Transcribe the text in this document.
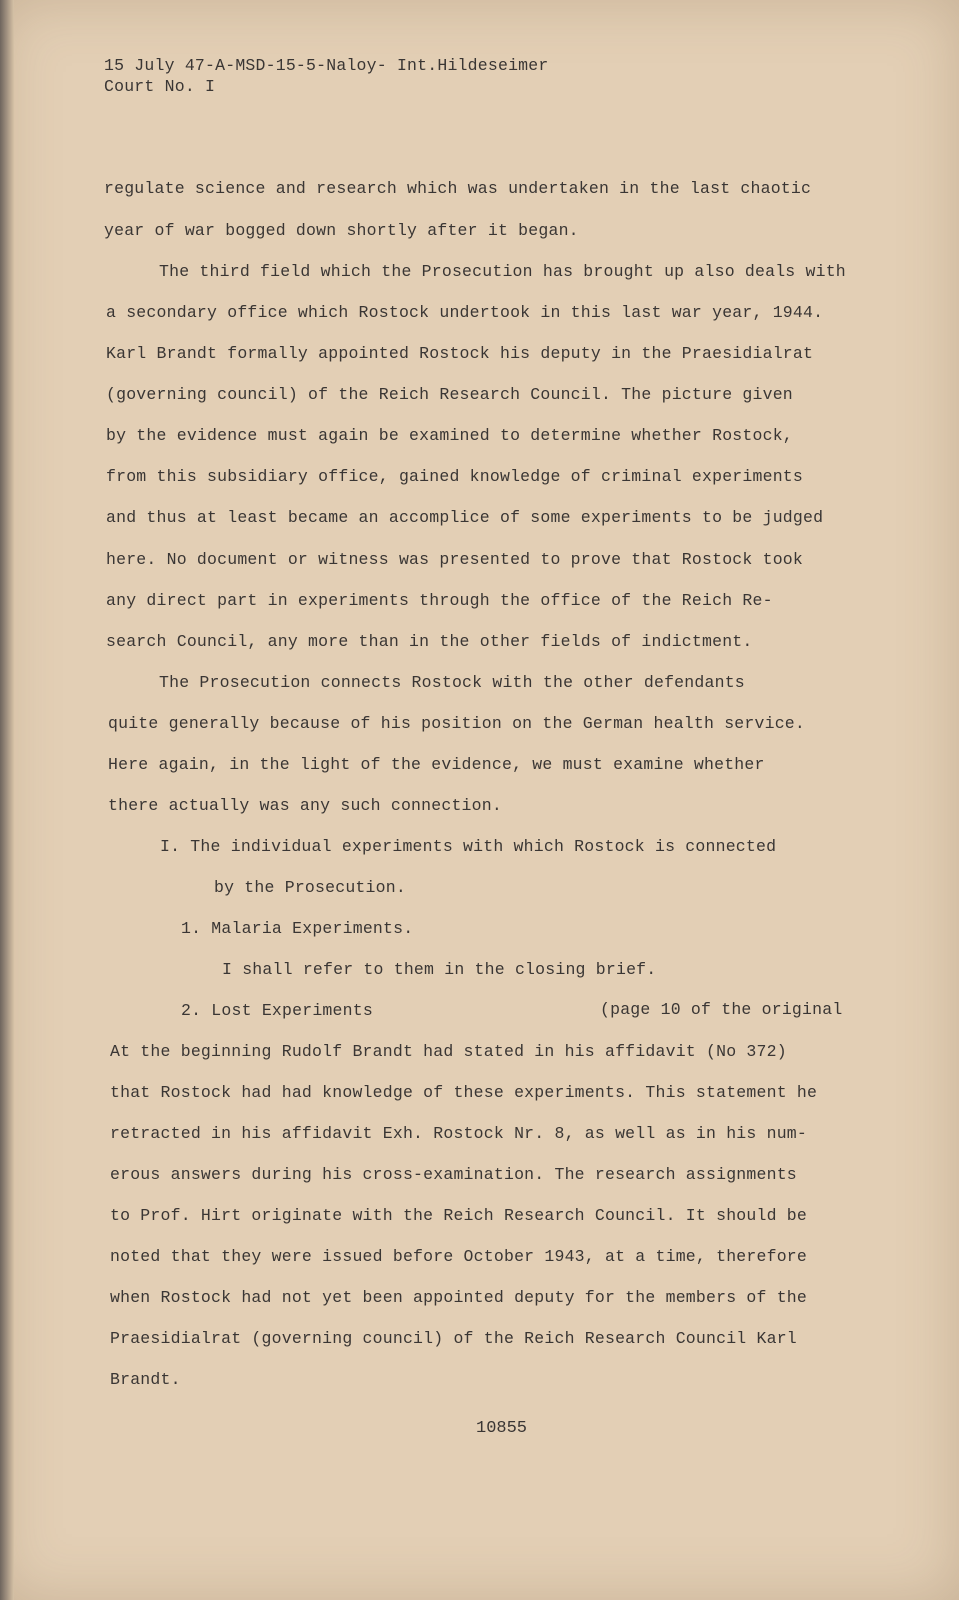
15 July 47-A-MSD-15-5-Naloy- Int.Hildeseimer
Court No. I
regulate science and research which was undertaken in the last chaotic
year of war bogged down shortly after it began.
The third field which the Prosecution has brought up also deals with
a secondary office which Rostock undertook in this last war year, 1944.
Karl Brandt formally appointed Rostock his deputy in the Praesidialrat
(governing council) of the Reich Research Council. The picture given
by the evidence must again be examined to determine whether Rostock,
from this subsidiary office, gained knowledge of criminal experiments
and thus at least became an accomplice of some experiments to be judged
here. No document or witness was presented to prove that Rostock took
any direct part in experiments through the office of the Reich Re-
search Council, any more than in the other fields of indictment.
The Prosecution connects Rostock with the other defendants
quite generally because of his position on the German health service.
Here again, in the light of the evidence, we must examine whether
there actually was any such connection.
I. The individual experiments with which Rostock is connected
by the Prosecution.
1. Malaria Experiments.
I shall refer to them in the closing brief.
2. Lost Experiments	(page 10 of the original
At the beginning Rudolf Brandt had stated in his affidavit (No 372)
that Rostock had had knowledge of these experiments. This statement he
retracted in his affidavit Exh. Rostock Nr. 8, as well as in his num-
erous answers during his cross-examination. The research assignments
to Prof. Hirt originate with the Reich Research Council. It should be
noted that they were issued before October 1943, at a time, therefore
when Rostock had not yet been appointed deputy for the members of the
Praesidialrat (governing council) of the Reich Research Council Karl
Brandt.
10855
